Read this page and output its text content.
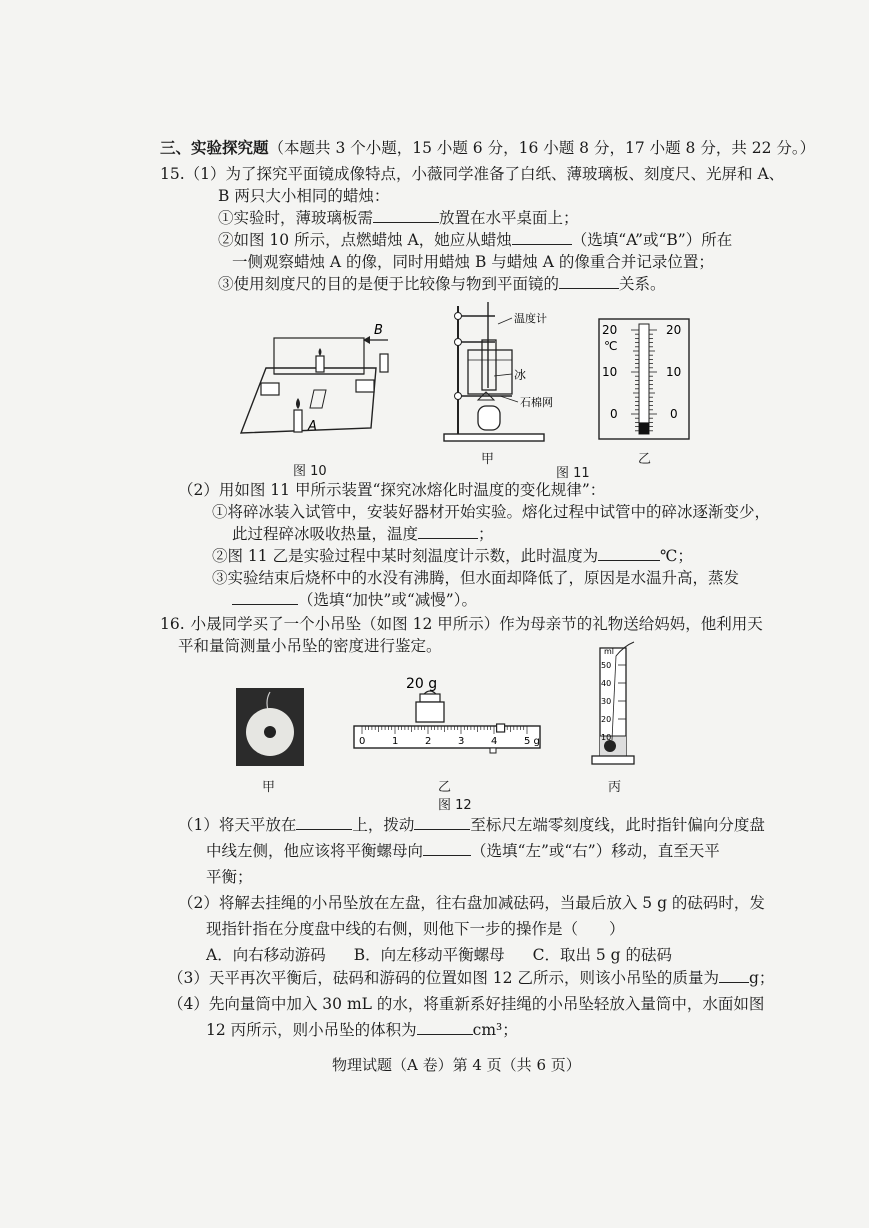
三、实验探究题（本题共 3 个小题，15 小题 6 分，16 小题 8 分，17 小题 8 分，共 22 分。）
15.（1）为了探究平面镜成像特点，小薇同学准备了白纸、薄玻璃板、刻度尺、光屏和 A、
B 两只大小相同的蜡烛：
①实验时，薄玻璃板需	放置在水平桌面上；
②如图 10 所示，点燃蜡烛 A，她应从蜡烛	（选填“A”或“B”）所在
一侧观察蜡烛 A 的像，同时用蜡烛 B 与蜡烛 A 的像重合并记录位置；
③使用刻度尺的目的是便于比较像与物到平面镜的	关系。
B
A
图 10
温度计
冰
石棉网
甲
20	20
℃
10	10
0	0
图 11
乙
（2）用如图 11 甲所示装置“探究冰熔化时温度的变化规律”：
①将碎冰装入试管中，安装好器材开始实验。熔化过程中试管中的碎冰逐渐变少，
此过程碎冰吸收热量，温度	；
②图 11 乙是实验过程中某时刻温度计示数，此时温度为	℃；
③实验结束后烧杯中的水没有沸腾，但水面却降低了，原因是水温升高，蒸发
（选填“加快”或“减慢”）。
16. 小晟同学买了一个小吊坠（如图 12 甲所示）作为母亲节的礼物送给妈妈，他利用天
平和量筒测量小吊坠的密度进行鉴定。
甲
20 g
0	1	2	3	4	5 g
乙
ml
50
40
30
20
10
丙
图 12
（1）将天平放在	上，拨动	至标尺左端零刻度线，此时指针偏向分度盘
中线左侧，他应该将平衡螺母向	（选填“左”或“右”）移动，直至天平
平衡；
（2）将解去挂绳的小吊坠放在左盘，往右盘加减砝码，当最后放入 5 g 的砝码时，发
现指针指在分度盘中线的右侧，则他下一步的操作是（　　）
A．向右移动游码 B．向左移动平衡螺母 C．取出 5 g 的砝码
（3）天平再次平衡后，砝码和游码的位置如图 12 乙所示，则该小吊坠的质量为 g；
（4）先向量筒中加入 30 mL 的水，将重新系好挂绳的小吊坠轻放入量筒中，水面如图
12 丙所示，则小吊坠的体积为	cm³；
物理试题（A 卷）第 4 页（共 6 页）
